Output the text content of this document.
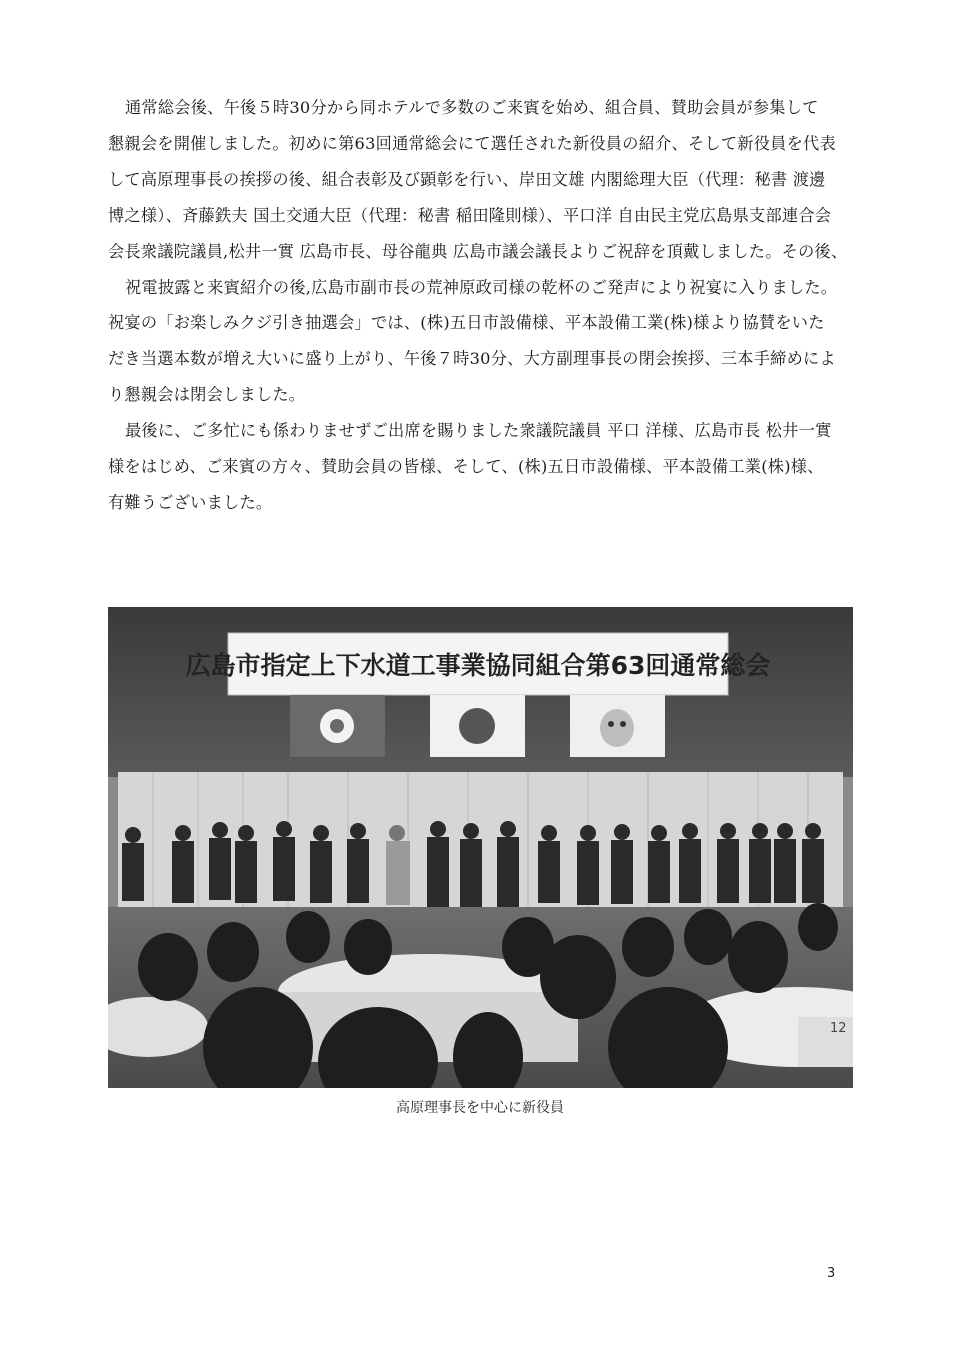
通常総会後、午後５時30分から同ホテルで多数のご来賓を始め、組合員、賛助会員が参集して
懇親会を開催しました。初めに第63回通常総会にて選任された新役員の紹介、そして新役員を代表
して高原理事長の挨拶の後、組合表彰及び顕彰を行い、岸田文雄 内閣総理大臣（代理：秘書 渡邊
博之様）、斉藤鉄夫 国土交通大臣（代理：秘書 稲田隆則様）、平口洋 自由民主党広島県支部連合会
会長衆議院議員,松井一實 広島市長、母谷龍典 広島市議会議長よりご祝辞を頂戴しました。その後、
祝電披露と来賓紹介の後,広島市副市長の荒神原政司様の乾杯のご発声により祝宴に入りました。
祝宴の「お楽しみクジ引き抽選会」では、(株)五日市設備様、平本設備工業(株)様より協賛をいた
だき当選本数が増え大いに盛り上がり、午後７時30分、大方副理事長の閉会挨拶、三本手締めによ
り懇親会は閉会しました。
最後に、ご多忙にも係わりませずご出席を賜りました衆議院議員 平口 洋様、広島市長 松井一實
様をはじめ、ご来賓の方々、賛助会員の皆様、そして、(株)五日市設備様、平本設備工業(株)様、
有難うございました。
広島市指定上下水道工事業協同組合第63回通常総会
12
高原理事長を中心に新役員
3
